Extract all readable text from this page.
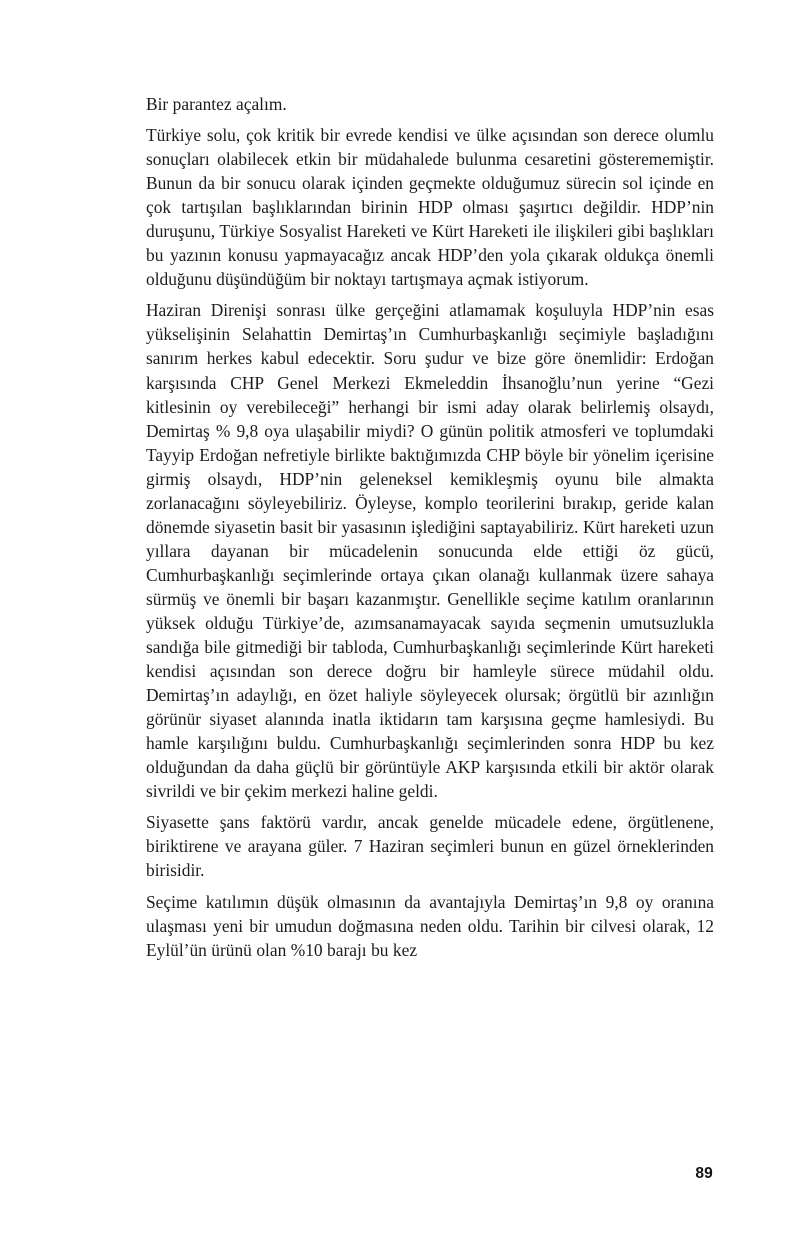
Bir parantez açalım.

Türkiye solu, çok kritik bir evrede kendisi ve ülke açısından son derece olumlu sonuçları olabilecek etkin bir müdahalede bulunma cesaretini gösterememiştir. Bunun da bir sonucu olarak içinden geçmekte olduğumuz sürecin sol içinde en çok tartışılan başlıklarından birinin HDP olması şaşırtıcı değildir. HDP’nin duruşunu, Türkiye Sosyalist Hareketi ve Kürt Hareketi ile ilişkileri gibi başlıkları bu yazının konusu yapmayacağız ancak HDP’den yola çıkarak oldukça önemli olduğunu düşündüğüm bir noktayı tartışmaya açmak istiyorum.

Haziran Direnişi sonrası ülke gerçeğini atlamamak koşuluyla HDP’nin esas yükselişinin Selahattin Demirtaş’ın Cumhurbaşkanlığı seçimiyle başladığını sanırım herkes kabul edecektir. Soru şudur ve bize göre önemlidir: Erdoğan karşısında CHP Genel Merkezi Ekmeleddin İhsanoğlu’nun yerine “Gezi kitlesinin oy verebileceği” herhangi bir ismi aday olarak belirlemiş olsaydı, Demirtaş % 9,8 oya ulaşabilir miydi? O günün politik atmosferi ve toplumdaki Tayyip Erdoğan nefretiyle birlikte baktığımızda CHP böyle bir yönelim içerisine girmiş olsaydı, HDP’nin geleneksel kemikleşmiş oyunu bile almakta zorlanacağını söyleyebiliriz. Öyleyse, komplo teorilerini bırakıp, geride kalan dönemde siyasetin basit bir yasasının işlediğini saptayabiliriz. Kürt hareketi uzun yıllara dayanan bir mücadelenin sonucunda elde ettiği öz gücü, Cumhurbaşkanlığı seçimlerinde ortaya çıkan olanağı kullanmak üzere sahaya sürmüş ve önemli bir başarı kazanmıştır. Genellikle seçime katılım oranlarının yüksek olduğu Türkiye’de, azımsanamayacak sayıda seçmenin umutsuzlukla sandığa bile gitmediği bir tabloda, Cumhurbaşkanlığı seçimlerinde Kürt hareketi kendisi açısından son derece doğru bir hamleyle sürece müdahil oldu. Demirtaş’ın adaylığı, en özet haliyle söyleyecek olursak; örgütlü bir azınlığın görünür siyaset alanında inatla iktidarın tam karşısına geçme hamlesiydi. Bu hamle karşılığını buldu. Cumhurbaşkanlığı seçimlerinden sonra HDP bu kez olduğundan da daha güçlü bir görüntüyle AKP karşısında etkili bir aktör olarak sivrildi ve bir çekim merkezi haline geldi.

Siyasette şans faktörü vardır, ancak genelde mücadele edene, örgütlenene, biriktirene ve arayana güler. 7 Haziran seçimleri bunun en güzel örneklerinden birisidir.

Seçime katılımın düşük olmasının da avantajıyla Demirtaş’ın 9,8 oy oranına ulaşması yeni bir umudun doğmasına neden oldu. Tarihin bir cilvesi olarak, 12 Eylül’ün ürünü olan %10 barajı bu kez

89
